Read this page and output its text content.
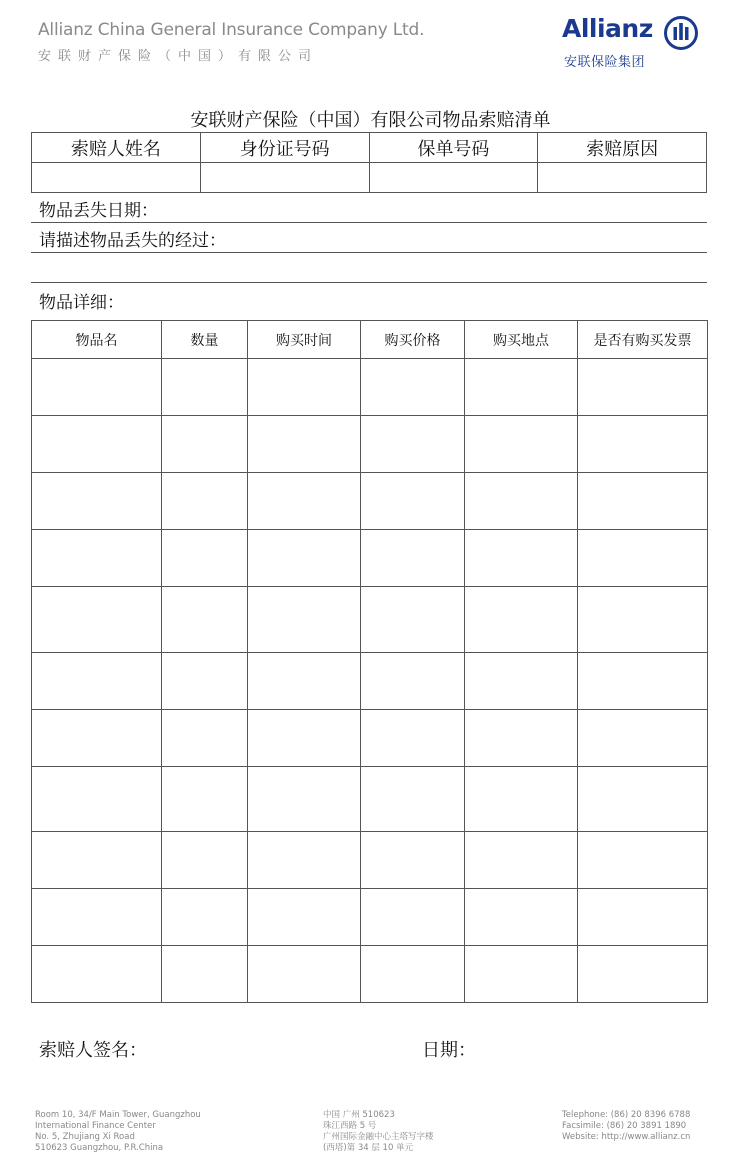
Allianz China General Insurance Company Ltd.
安联财产保险（中国）有限公司
Allianz
安联保险集团
安联财产保险（中国）有限公司物品索赔清单
索赔人姓名	身份证号码	保单号码	索赔原因

物品丢失日期：
请描述物品丢失的经过：
物品详细：
物品名	数量	购买时间	购买价格	购买地点	是否有购买发票

索赔人签名：	日期：
Room 10, 34/F Main Tower, Guangzhou
International Finance Center
No. 5, Zhujiang Xi Road
510623 Guangzhou, P.R.China
中国 广州 510623
珠江西路 5 号
广州国际金融中心主塔写字楼
(西塔)第 34 层 10 单元
Telephone: (86) 20 8396 6788
Facsimile: (86) 20 3891 1890
Website: http://www.allianz.cn
